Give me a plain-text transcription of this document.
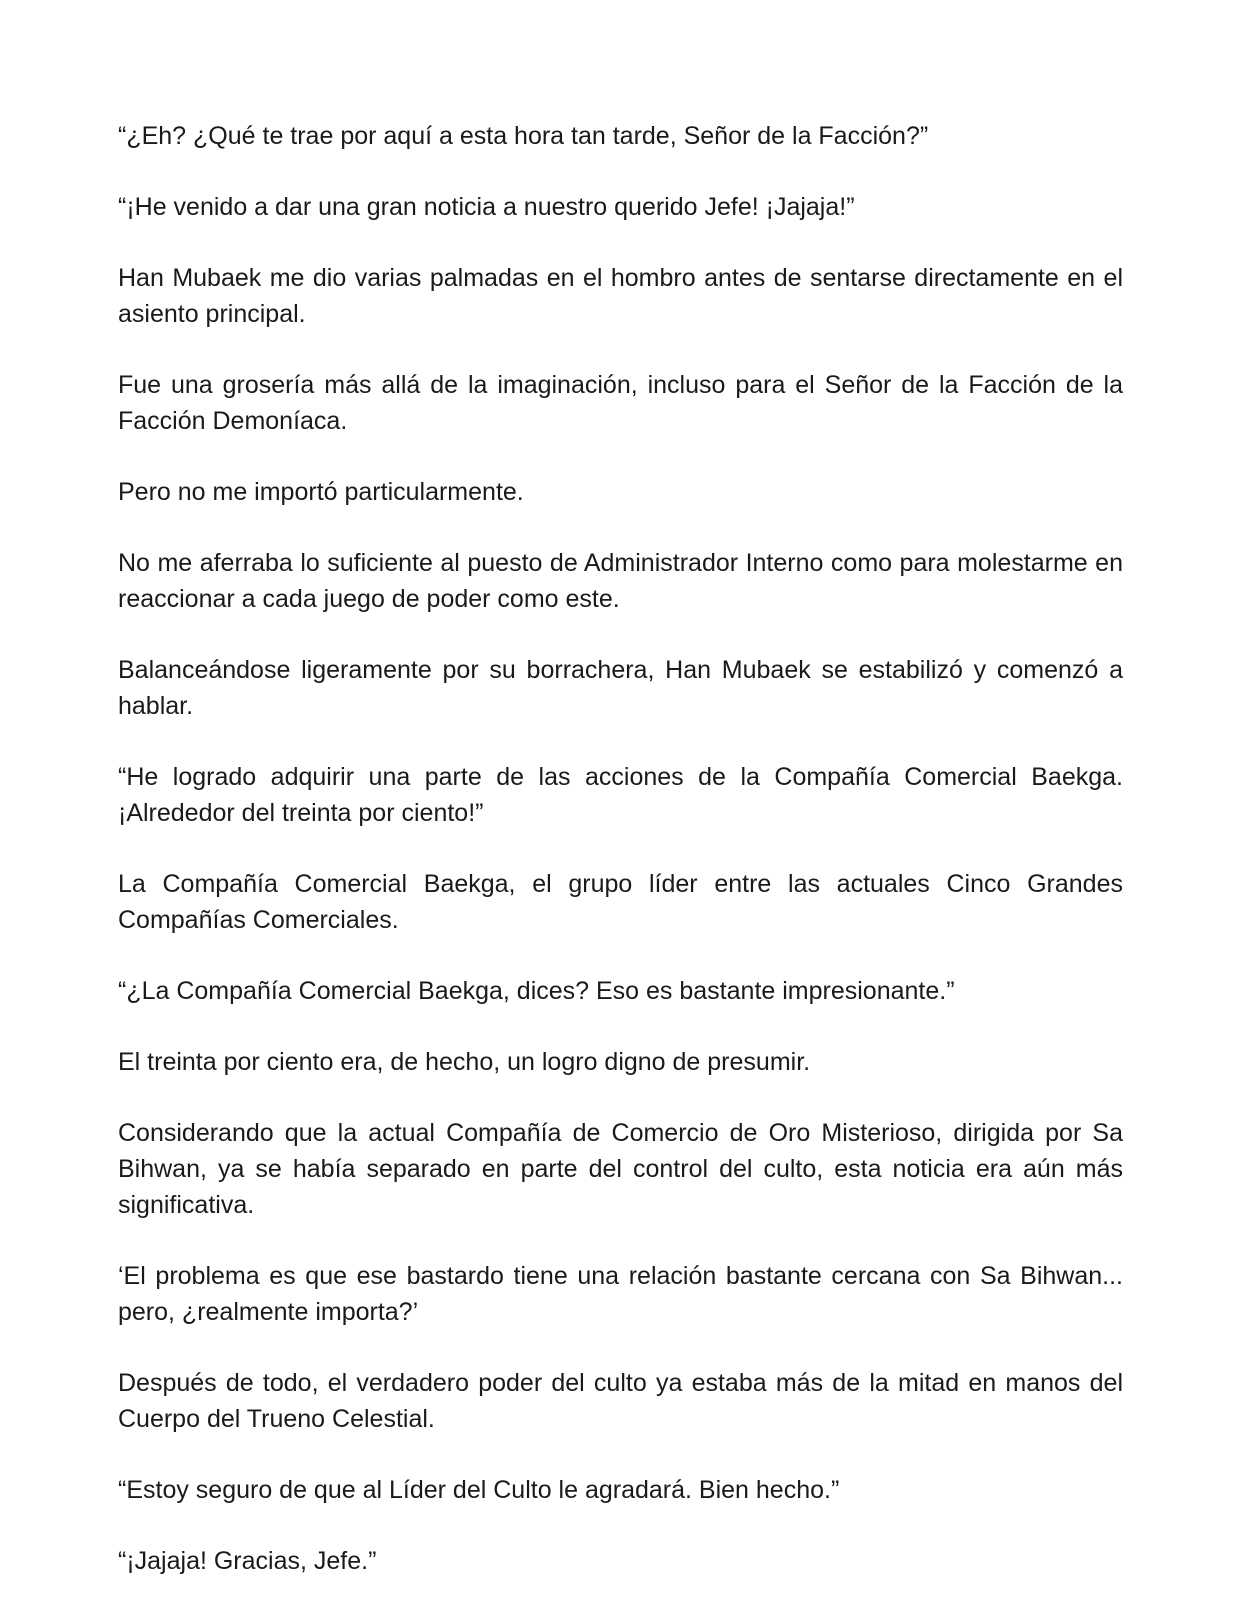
“¿Eh? ¿Qué te trae por aquí a esta hora tan tarde, Señor de la Facción?”

“¡He venido a dar una gran noticia a nuestro querido Jefe! ¡Jajaja!”

Han Mubaek me dio varias palmadas en el hombro antes de sentarse directamente en el asiento principal.

Fue una grosería más allá de la imaginación, incluso para el Señor de la Facción de la Facción Demoníaca.

Pero no me importó particularmente.

No me aferraba lo suficiente al puesto de Administrador Interno como para molestarme en reaccionar a cada juego de poder como este.

Balanceándose ligeramente por su borrachera, Han Mubaek se estabilizó y comenzó a hablar.

“He logrado adquirir una parte de las acciones de la Compañía Comercial Baekga. ¡Alrededor del treinta por ciento!”

La Compañía Comercial Baekga, el grupo líder entre las actuales Cinco Grandes Compañías Comerciales.

“¿La Compañía Comercial Baekga, dices? Eso es bastante impresionante.”

El treinta por ciento era, de hecho, un logro digno de presumir.

Considerando que la actual Compañía de Comercio de Oro Misterioso, dirigida por Sa Bihwan, ya se había separado en parte del control del culto, esta noticia era aún más significativa.

‘El problema es que ese bastardo tiene una relación bastante cercana con Sa Bihwan... pero, ¿realmente importa?’

Después de todo, el verdadero poder del culto ya estaba más de la mitad en manos del Cuerpo del Trueno Celestial.

“Estoy seguro de que al Líder del Culto le agradará. Bien hecho.”

“¡Jajaja! Gracias, Jefe.”
